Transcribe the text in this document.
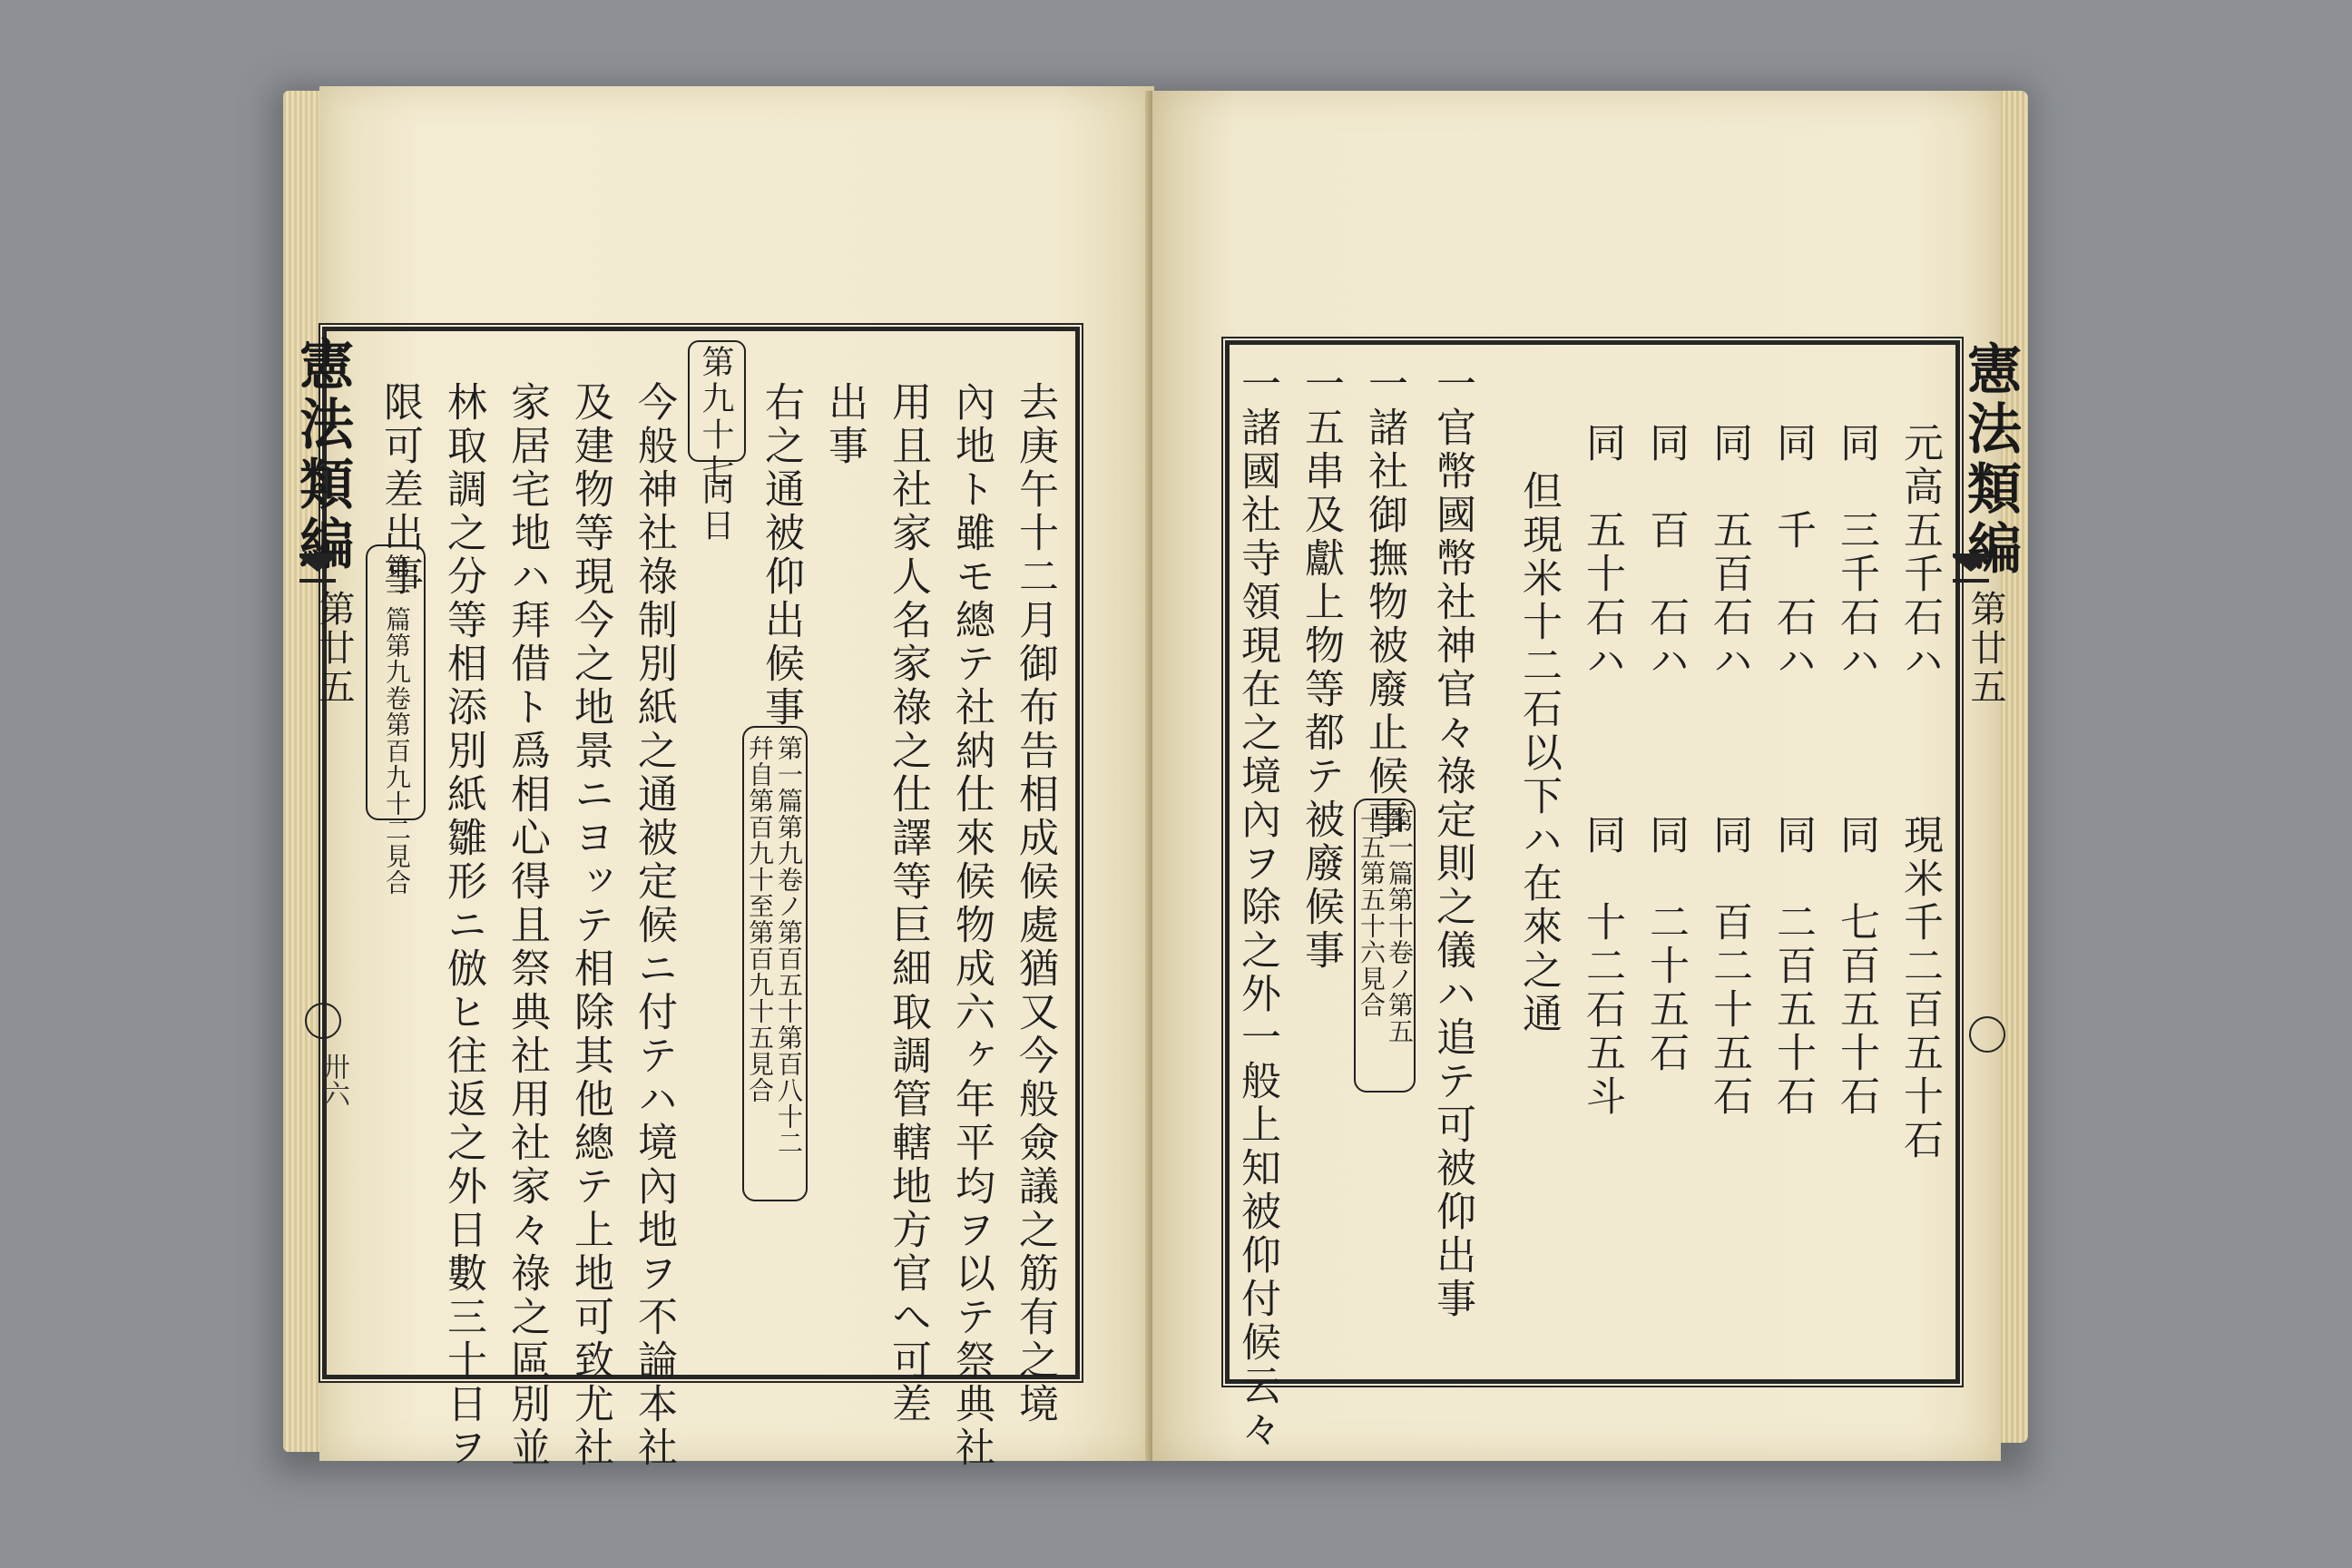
憲法類編
第廿五
卅六	去庚午十二月御布告相成候處猶又今般僉議之筋有之境
內地ト雖モ總テ社納仕來候物成六ヶ年平均ヲ以テ祭典社
用且社家人名家祿之仕譯等巨細取調管轄地方官へ可差
出事
右之通被仰出候事
第九十七
同日
今般神社祿制別紙之通被定候ニ付テハ境內地ヲ不論本社
及建物等現今之地景ニヨッテ相除其他總テ上地可致尤社
家居宅地ハ拜借ト爲相心得且祭典社用社家々祿之區別並
林取調之分等相添別紙雛形ニ倣ヒ往返之外日數三十日ヲ
限可差出事
第一篇第九卷ノ第百五十第百八十二
幷自第百九十至第百九十五見合
第一篇第九卷第百九十二見合
憲法類編
第廿五
元高五千石ハ　　　現米千二百五十石
同　三千石ハ　　　同　七百五十石
同　千　石ハ　　　同　二百五十石
同　五百石ハ　　　同　百二十五石
同　百　石ハ　　　同　二十五石
同　五十石ハ　　　同　十二石五斗
　但現米十二石以下ハ在來之通
一官幣國幣社神官々祿定則之儀ハ追テ可被仰出事
一諸社御撫物被廢止候事
第一篇第十卷ノ第五
十五第五十六見合
一五串及獻上物等都テ被廢候事
一諸國社寺領現在之境內ヲ除之外一般上知被仰付候云々
